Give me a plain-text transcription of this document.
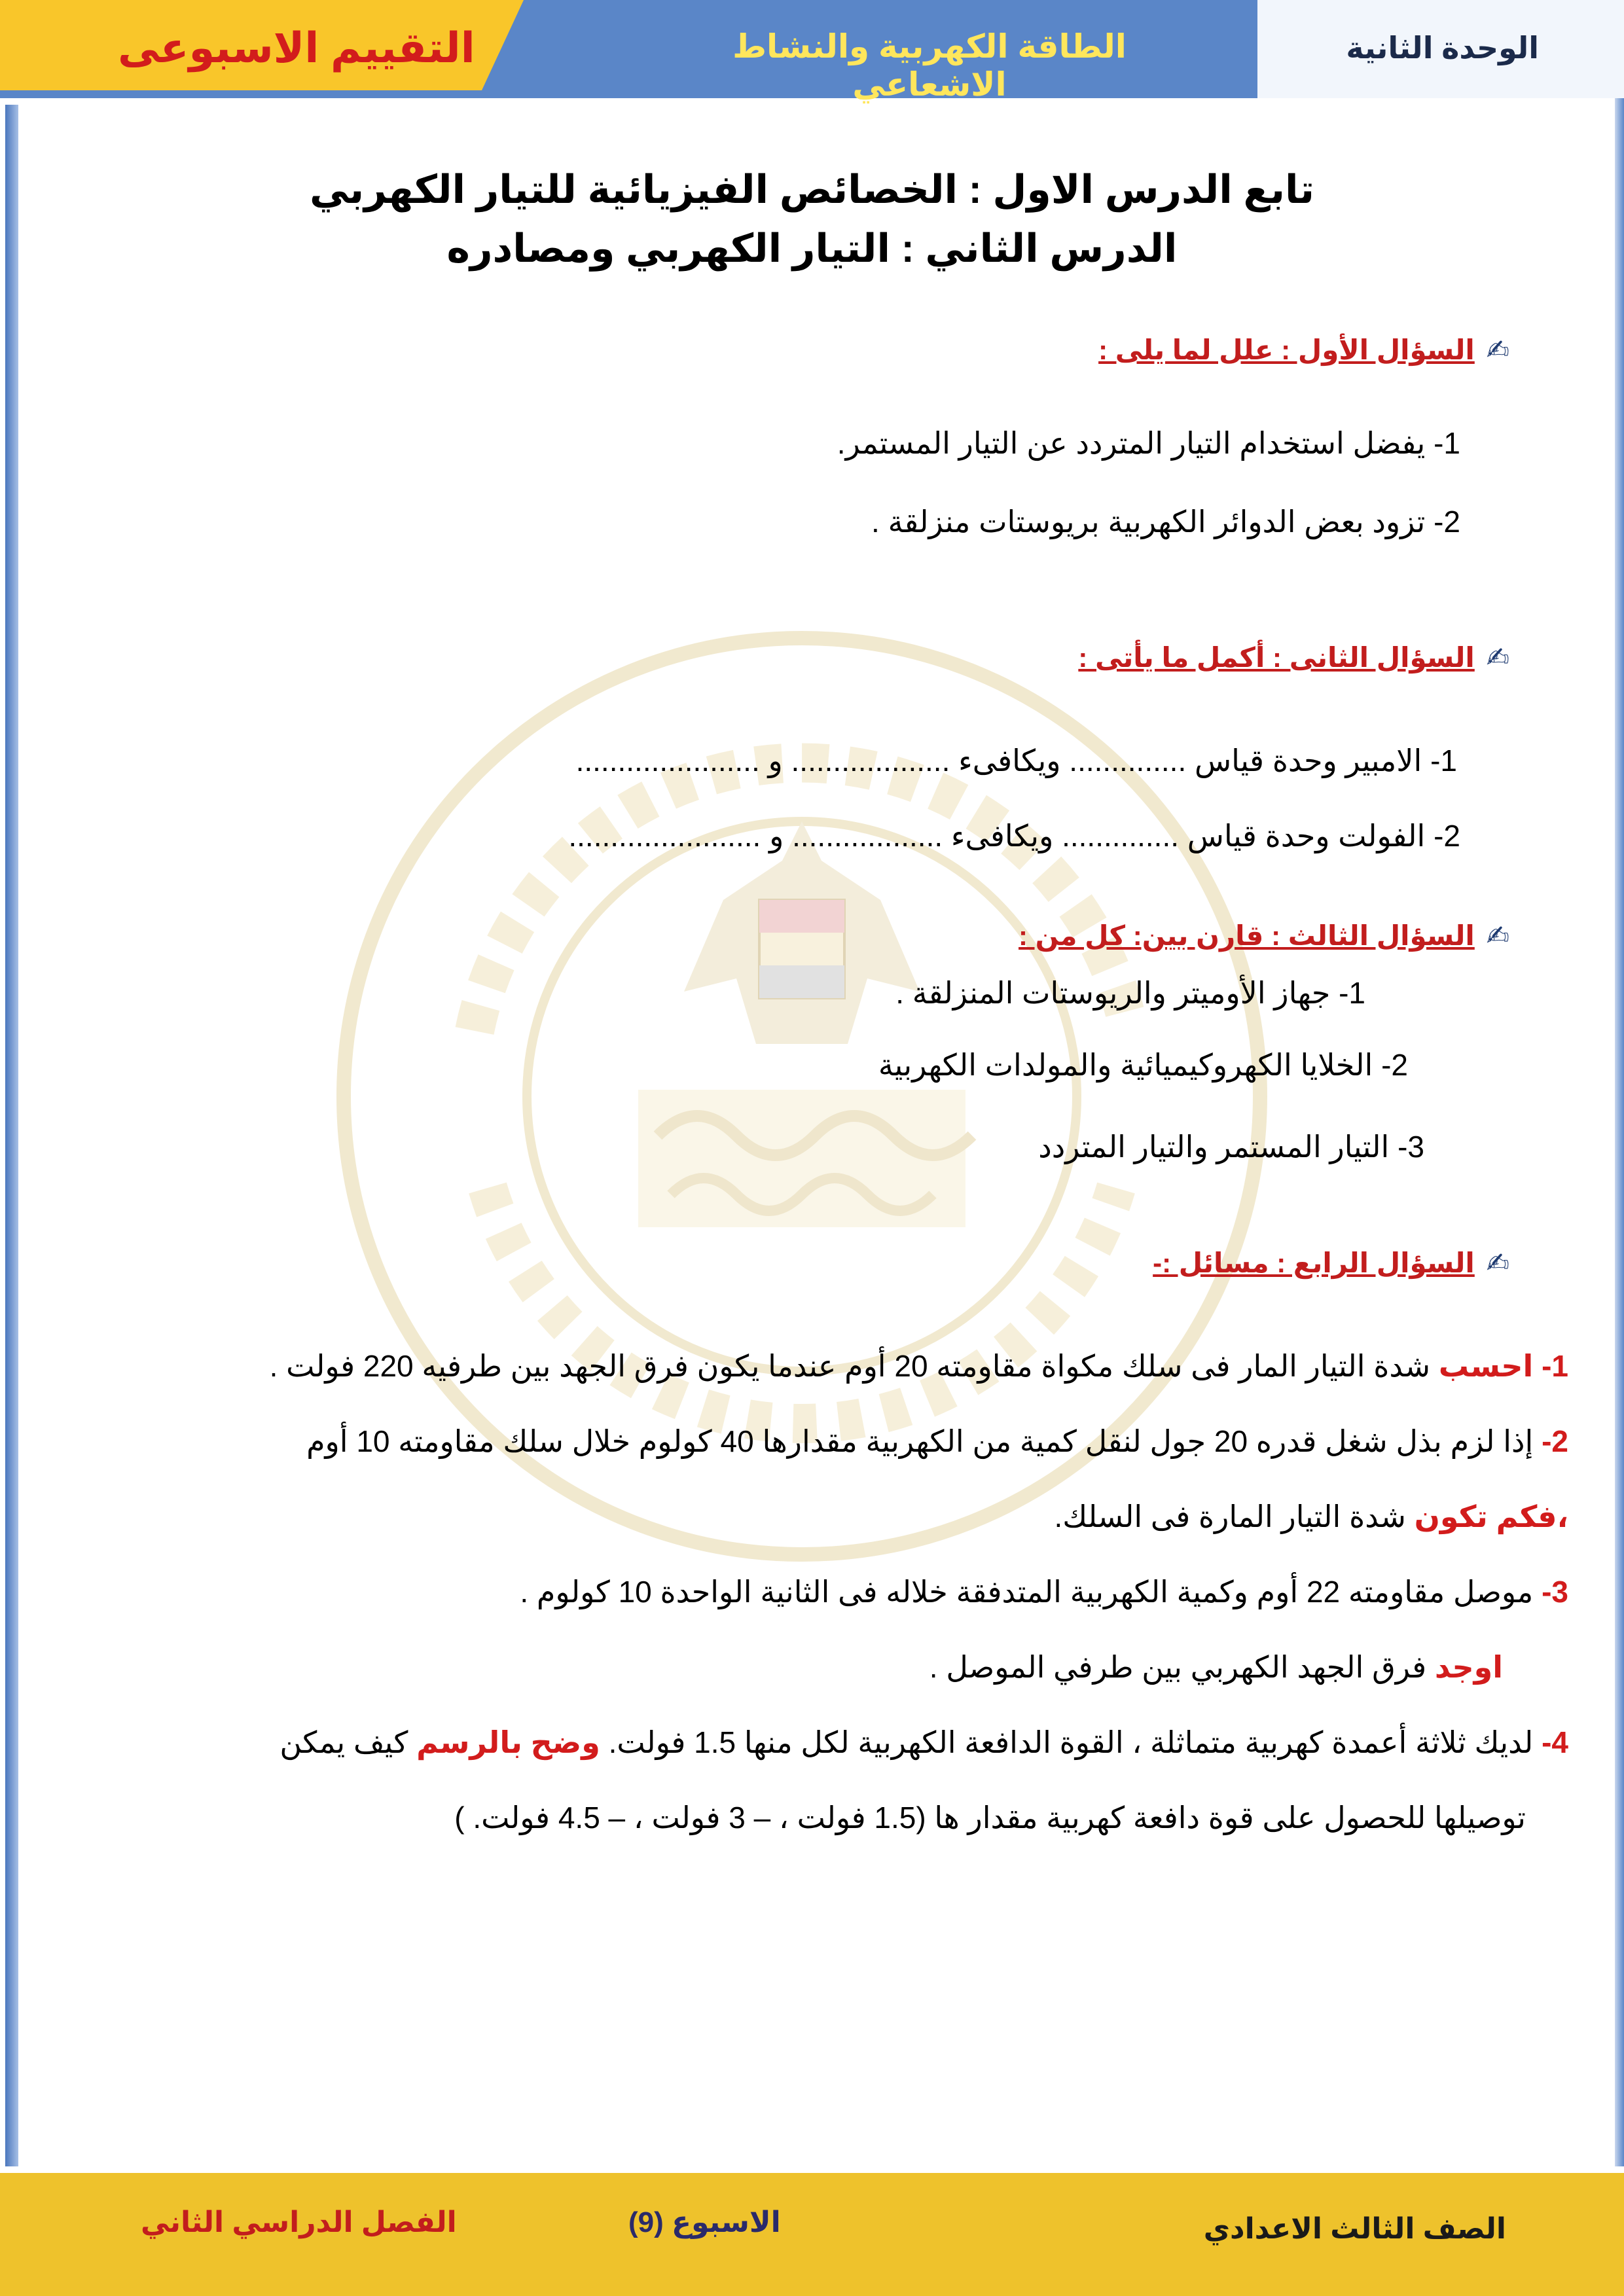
الوحدة الثانية
الطاقة الكهربية والنشاط الاشعاعي
التقييم الاسبوعى
تابع الدرس الاول : الخصائص الفيزيائية للتيار الكهربي
الدرس الثاني : التيار الكهربي ومصادره
✍السؤال الأول : علل لما يلى :
1- يفضل استخدام التيار المتردد عن التيار المستمر.
2- تزود بعض الدوائر الكهربية بريوستات منزلقة .
✍السؤال الثانى : أكمل ما يأتى :
1- الامبير وحدة قياس .............. ويكافىء ................... و ......................
2- الفولت وحدة قياس .............. ويكافىء .................. و .......................
✍السؤال الثالث : قارن بين: كل من :
1- جهاز الأوميتر والريوستات المنزلقة .
2- الخلايا الكهروكيميائية والمولدات الكهربية
3- التيار المستمر والتيار المتردد
✍السؤال الرابع : مسائل :-
1- احسب شدة التيار المار فى سلك مكواة مقاومته 20 أوم عندما يكون فرق الجهد بين طرفيه 220 فولت .
2- إذا لزم بذل شغل قدره 20 جول لنقل كمية من الكهربية مقدارها 40 كولوم خلال سلك مقاومته 10 أوم
،فكم تكون شدة التيار المارة فى السلك.
3- موصل مقاومته 22 أوم وكمية الكهربية المتدفقة خلاله فى الثانية الواحدة 10 كولوم .
اوجد فرق الجهد الكهربي بين طرفي الموصل .
4- لديك ثلاثة أعمدة كهربية متماثلة ، القوة الدافعة الكهربية لكل منها 1.5 فولت. وضح بالرسم كيف يمكن
توصيلها للحصول على قوة دافعة كهربية مقدار ها (1.5 فولت ، – 3 فولت ، – 4.5 فولت. )
الصف الثالث الاعدادي
الاسبوع (9)
الفصل الدراسي الثاني
